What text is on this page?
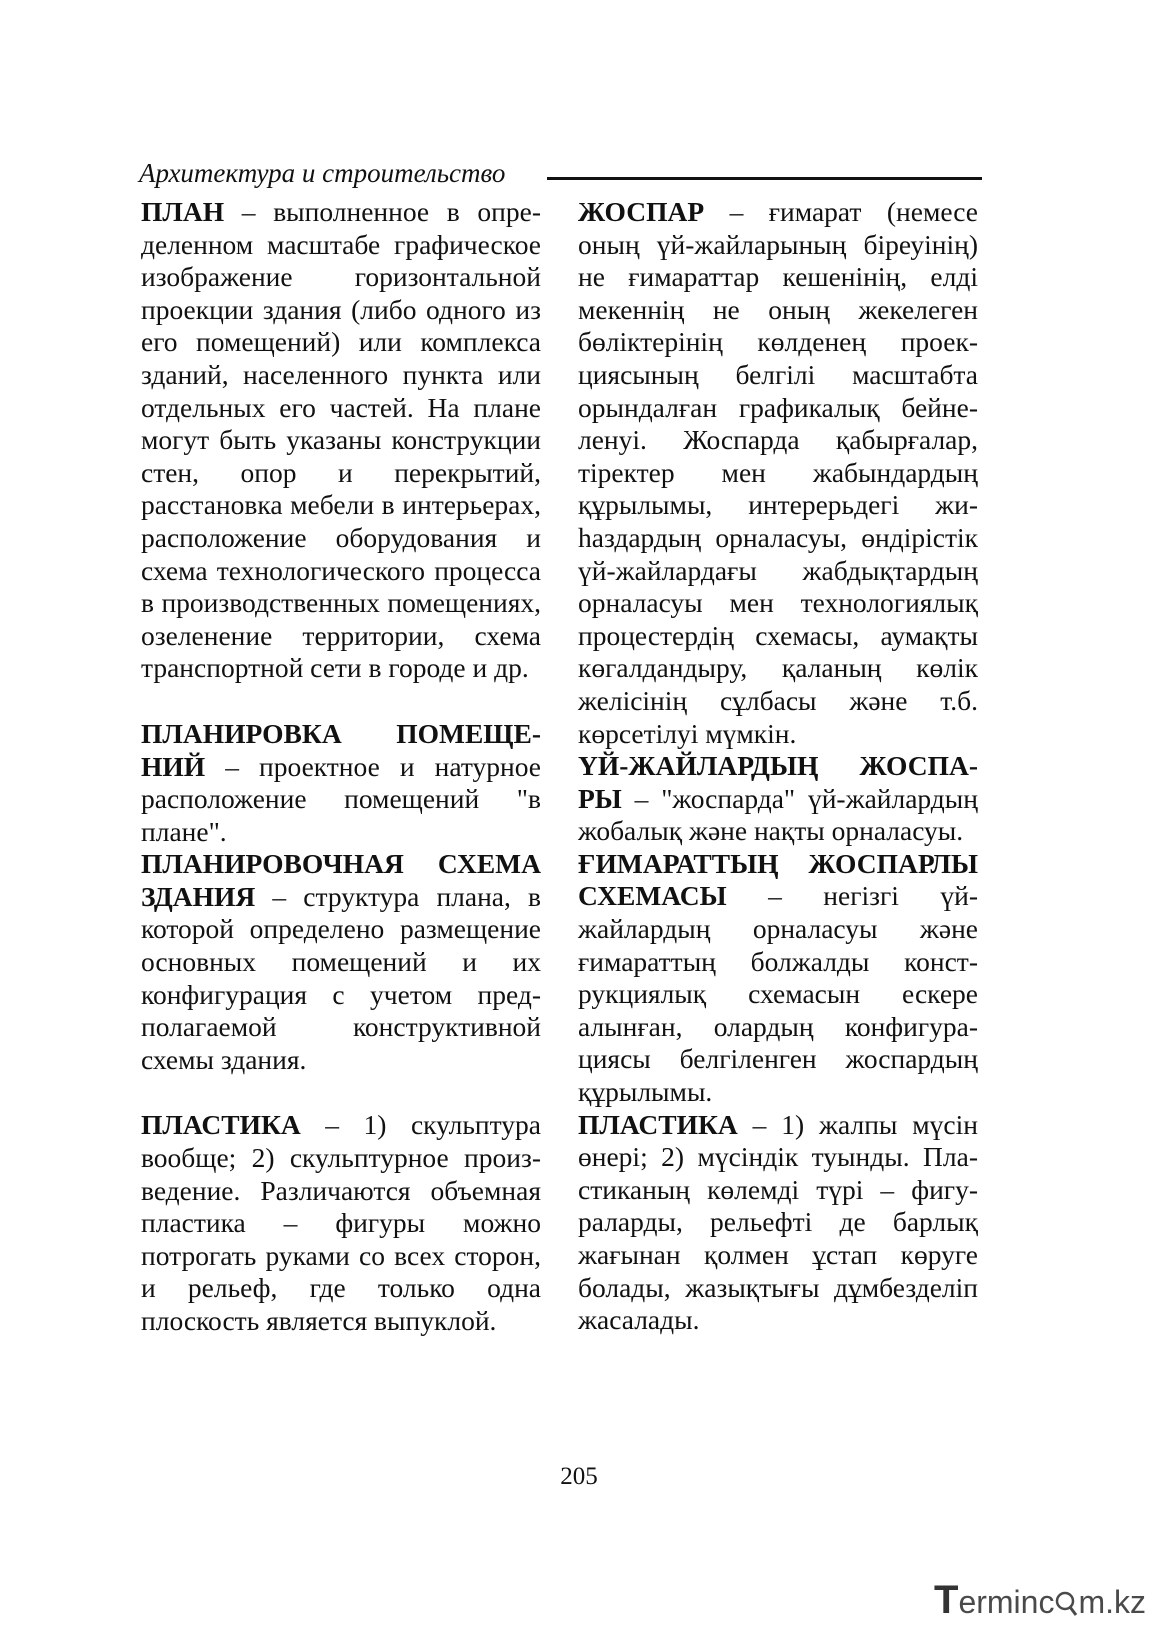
Архитектура и строительство

ПЛАН – выполненное в определенном масштабе графическое изображение горизонтальной проекции здания (либо одного из его помещений) или комплекса зданий, населенного пункта или отдельных его частей. На плане могут быть указаны конструкции стен, опор и перекрытий, расстановка мебели в интерьерах, расположение оборудования и схема технологического процесса в производственных помещениях, озеленение территории, схема транспортной сети в городе и др.

ПЛАНИРОВКА ПОМЕЩЕНИЙ – проектное и натурное расположение помещений "в плане".

ПЛАНИРОВОЧНАЯ СХЕМА ЗДАНИЯ – структура плана, в которой определено размещение основных помещений и их конфигурация с учетом предполагаемой конструктивной схемы здания.

ПЛАСТИКА – 1) скульптура вообще; 2) скульптурное произведение. Различаются объемная пластика – фигуры можно потрогать руками со всех сторон, и рельеф, где только одна плоскость является выпуклой.

ЖОСПАР – ғимарат (немесе оның үй-жайларының біреуінің) не ғимараттар кешенінің, елді мекеннің не оның жекелеген бөліктерінің көлденең проекциясының белгілі масштабта орындалған графикалық бейнеленуі. Жоспарда қабырғалар, тіректер мен жабындардың құрылымы, интерерьдегі жиһаздардың орналасуы, өндірістік үй-жайлардағы жабдықтардың орналасуы мен технологиялық процестердің схемасы, аумақты көгалдандыру, қаланың көлік желісінің сұлбасы және т.б. көрсетілуі мүмкін.

ҮЙ-ЖАЙЛАРДЫҢ ЖОСПАРЫ – "жоспарда" үй-жайлардың жобалық және нақты орналасуы.

ҒИМАРАТТЫҢ ЖОСПАРЛЫ СХЕМАСЫ – негізгі үйжайлардың орналасуы және ғимараттың болжалды конструкциялық схемасын ескере алынған, олардың конфигурациясы белгіленген жоспардың құрылымы.

ПЛАСТИКА – 1) жалпы мүсін өнері; 2) мүсіндік туынды. Пластиканың көлемді түрі – фигураларды, рельефті де барлық жағынан қолмен ұстап көруге болады, жазықтығы дұмбезделіп жасалады.

205
Terminc m.kz
